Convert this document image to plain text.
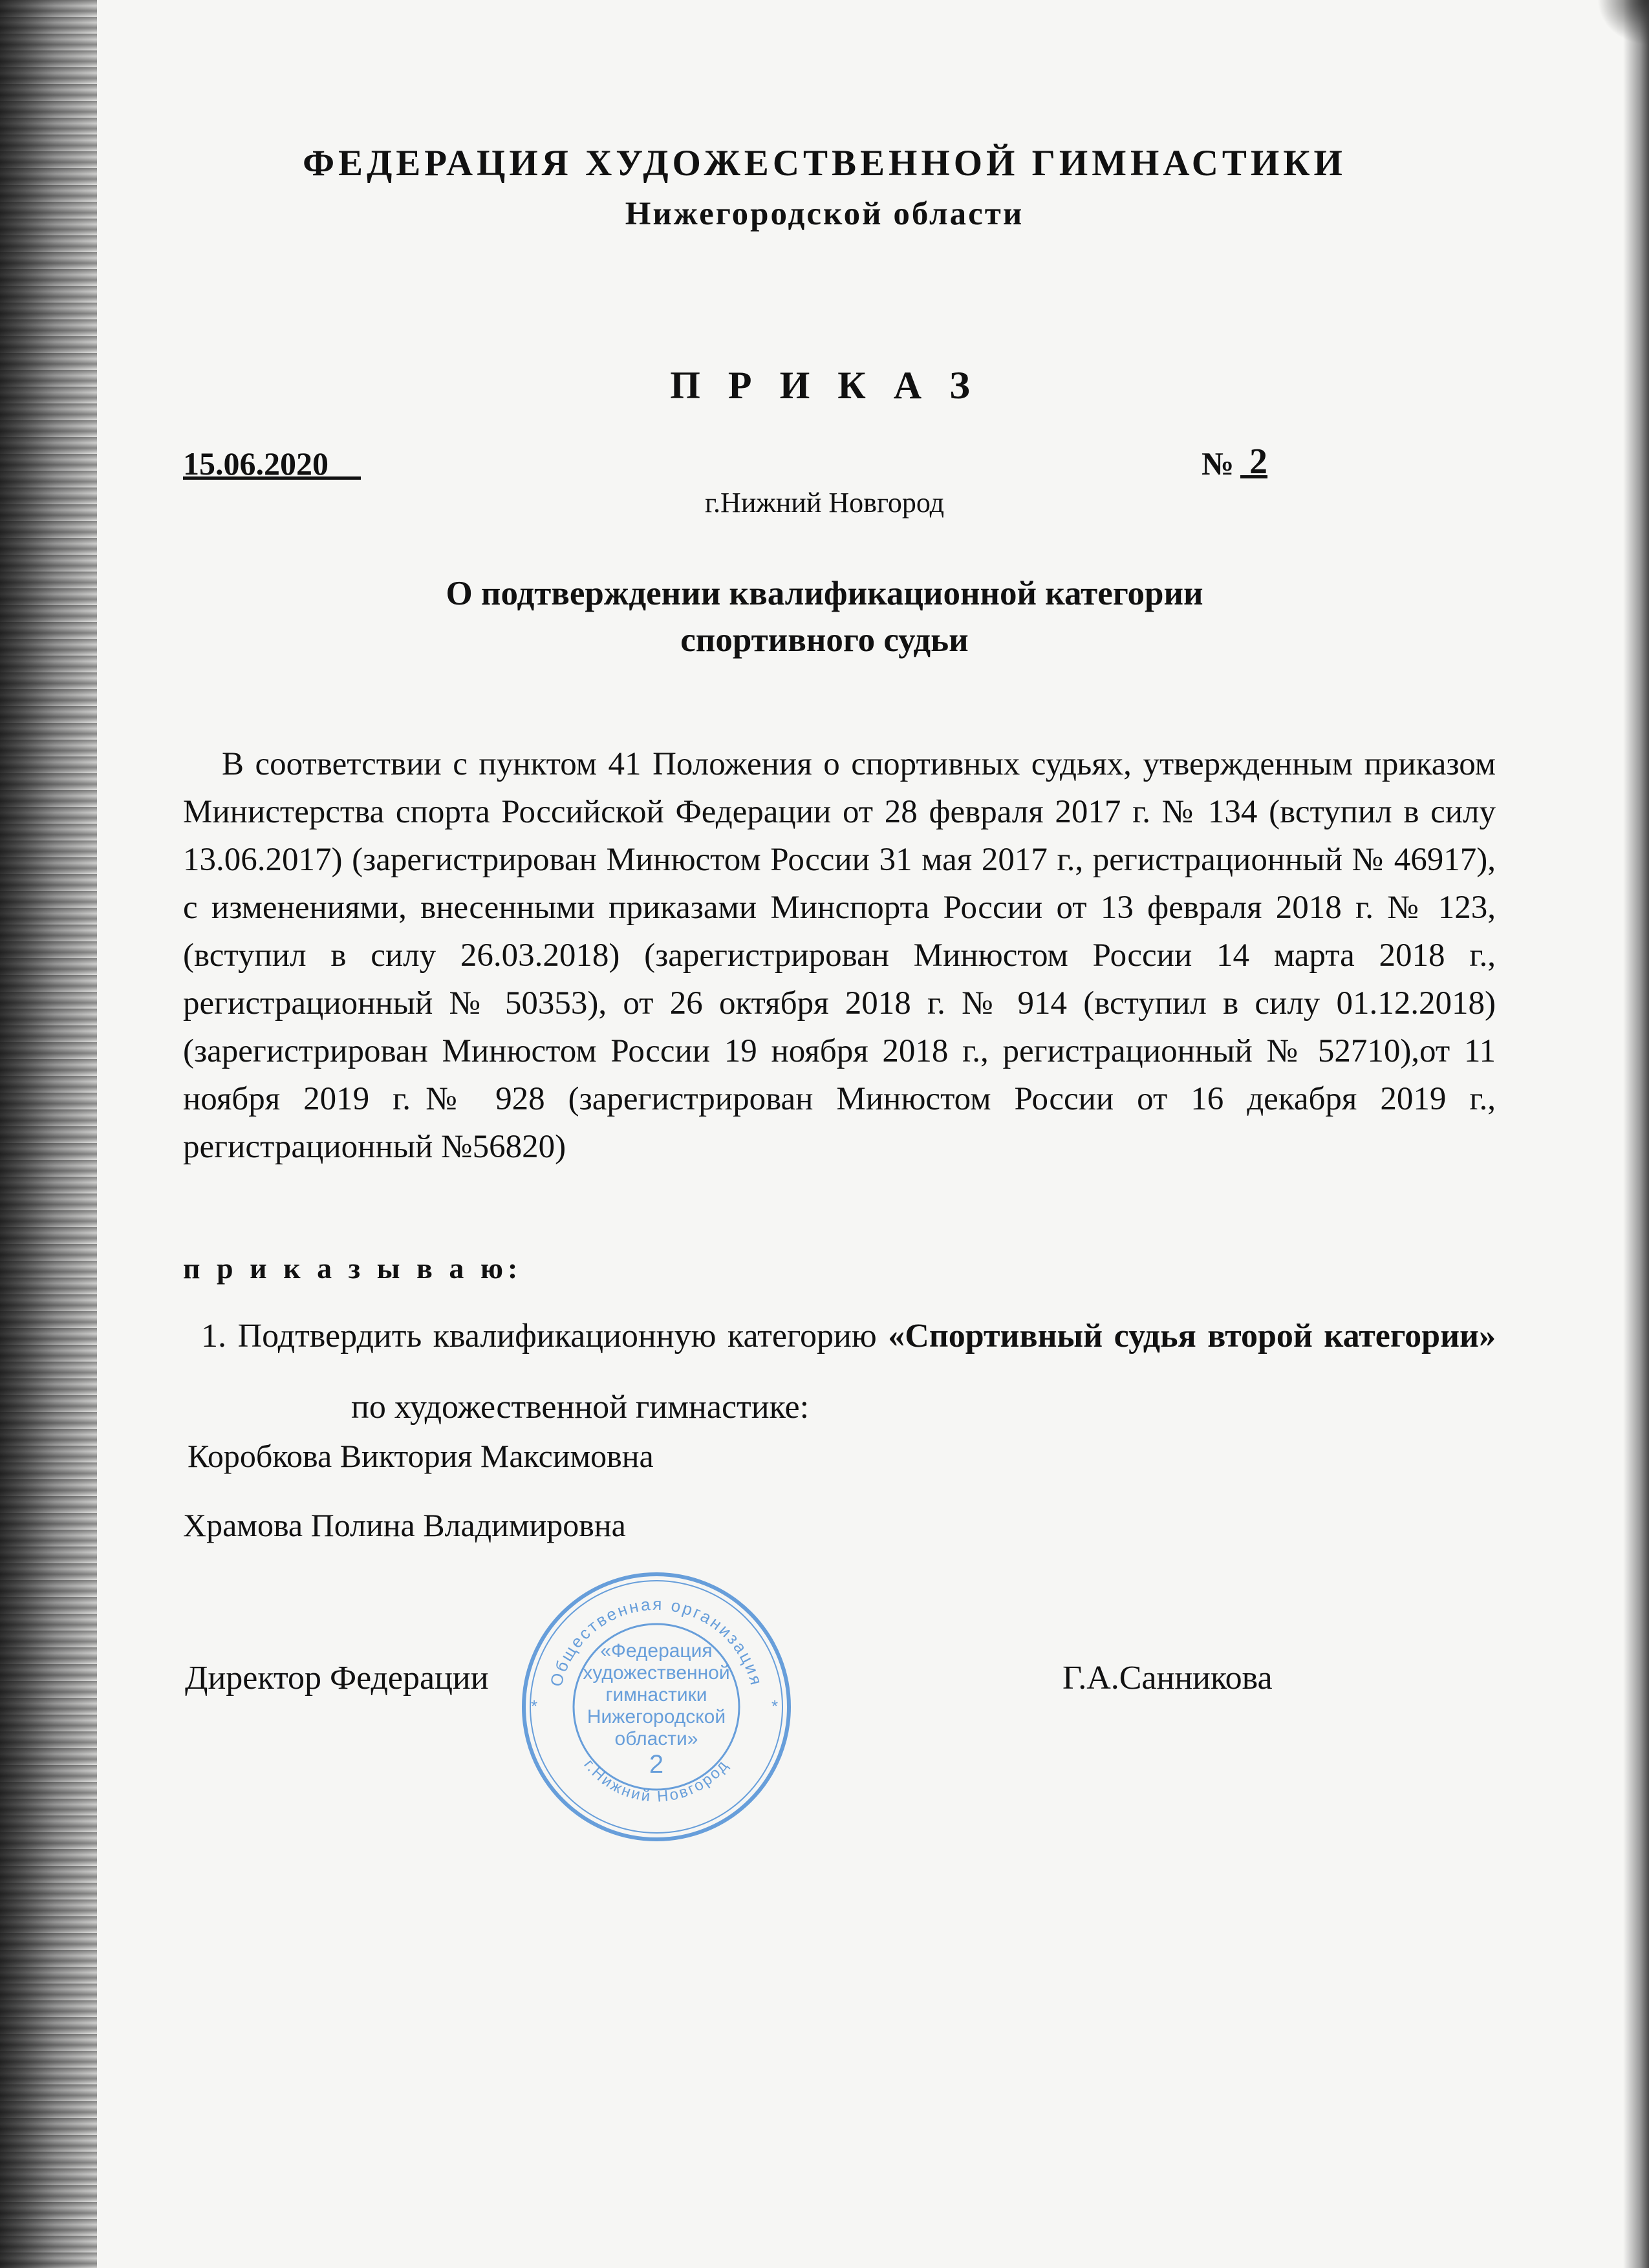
ФЕДЕРАЦИЯ ХУДОЖЕСТВЕННОЙ ГИМНАСТИКИ
Нижегородской области
П Р И К А З
15.06.2020	№ 2
г.Нижний Новгород
О подтверждении квалификационной категории
спортивного судьи
В соответствии с пунктом 41 Положения о спортивных судьях, утвержденным приказом Министерства спорта Российской Федерации от 28 февраля 2017 г. № 134 (вступил в силу 13.06.2017) (зарегистрирован Минюстом России 31 мая 2017 г., регистрационный № 46917), с изменениями, внесенными приказами Минспорта России от 13 февраля 2018 г. № 123, (вступил в силу 26.03.2018) (зарегистрирован Минюстом России 14 марта 2018 г., регистрационный № 50353), от 26 октября 2018 г. № 914 (вступил в силу 01.12.2018) (зарегистрирован Минюстом России 19 ноября 2018 г., регистрационный № 52710),от 11 ноября 2019 г.№ 928 (зарегистрирован Минюстом России от 16 декабря 2019 г., регистрационный №56820)
п р и к а з ы в а ю:
1. Подтвердить квалификационную категорию «Спортивный судья второй категории»по художественной гимнастике:
Коробкова Виктория Максимовна
Храмова Полина Владимировна
Директор Федерации	Г.А.Санникова
Общественная организация
г.Нижний Новгород
*	*
«Федерация
художественной
гимнастики
Нижегородской
области»
2
